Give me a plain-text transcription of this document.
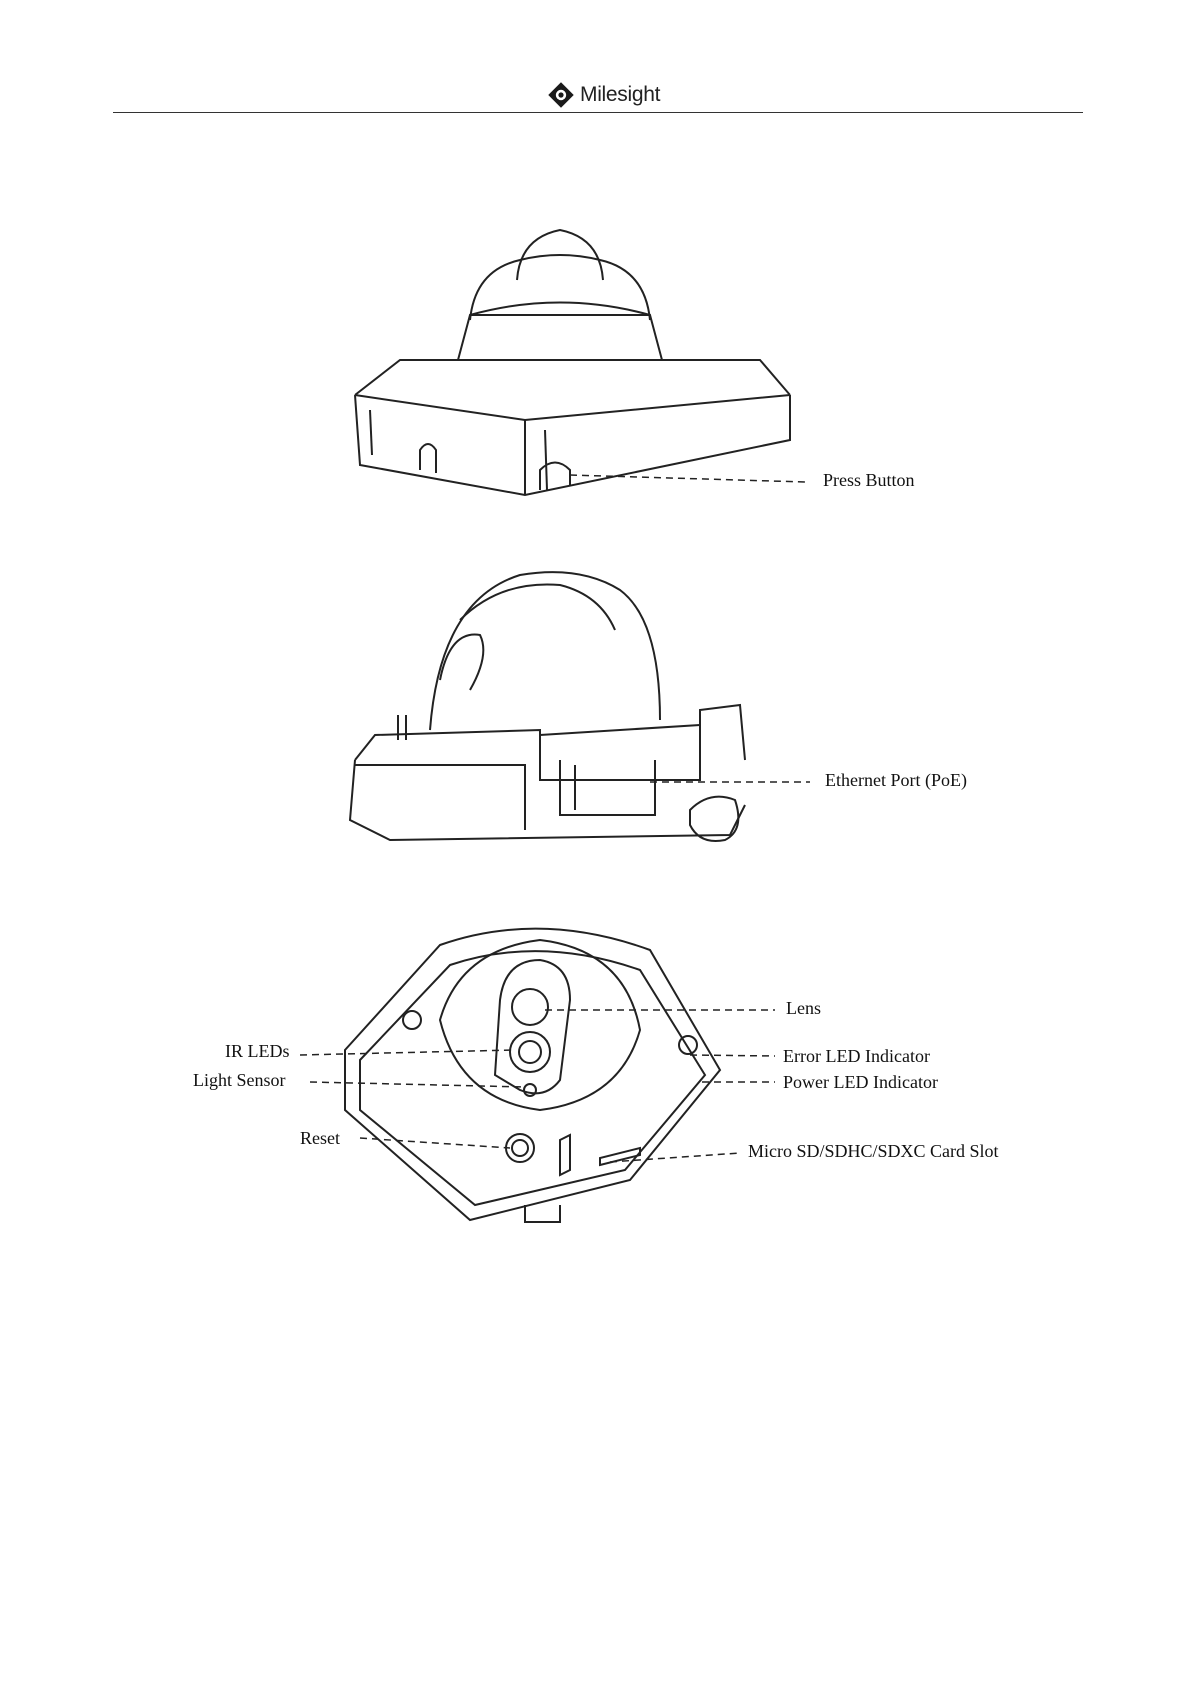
Milesight
Press Button
Ethernet Port (PoE)
Lens
IR LEDs	Error LED Indicator
Light Sensor	Power LED Indicator
Reset
Micro SD/SDHC/SDXC Card Slot
